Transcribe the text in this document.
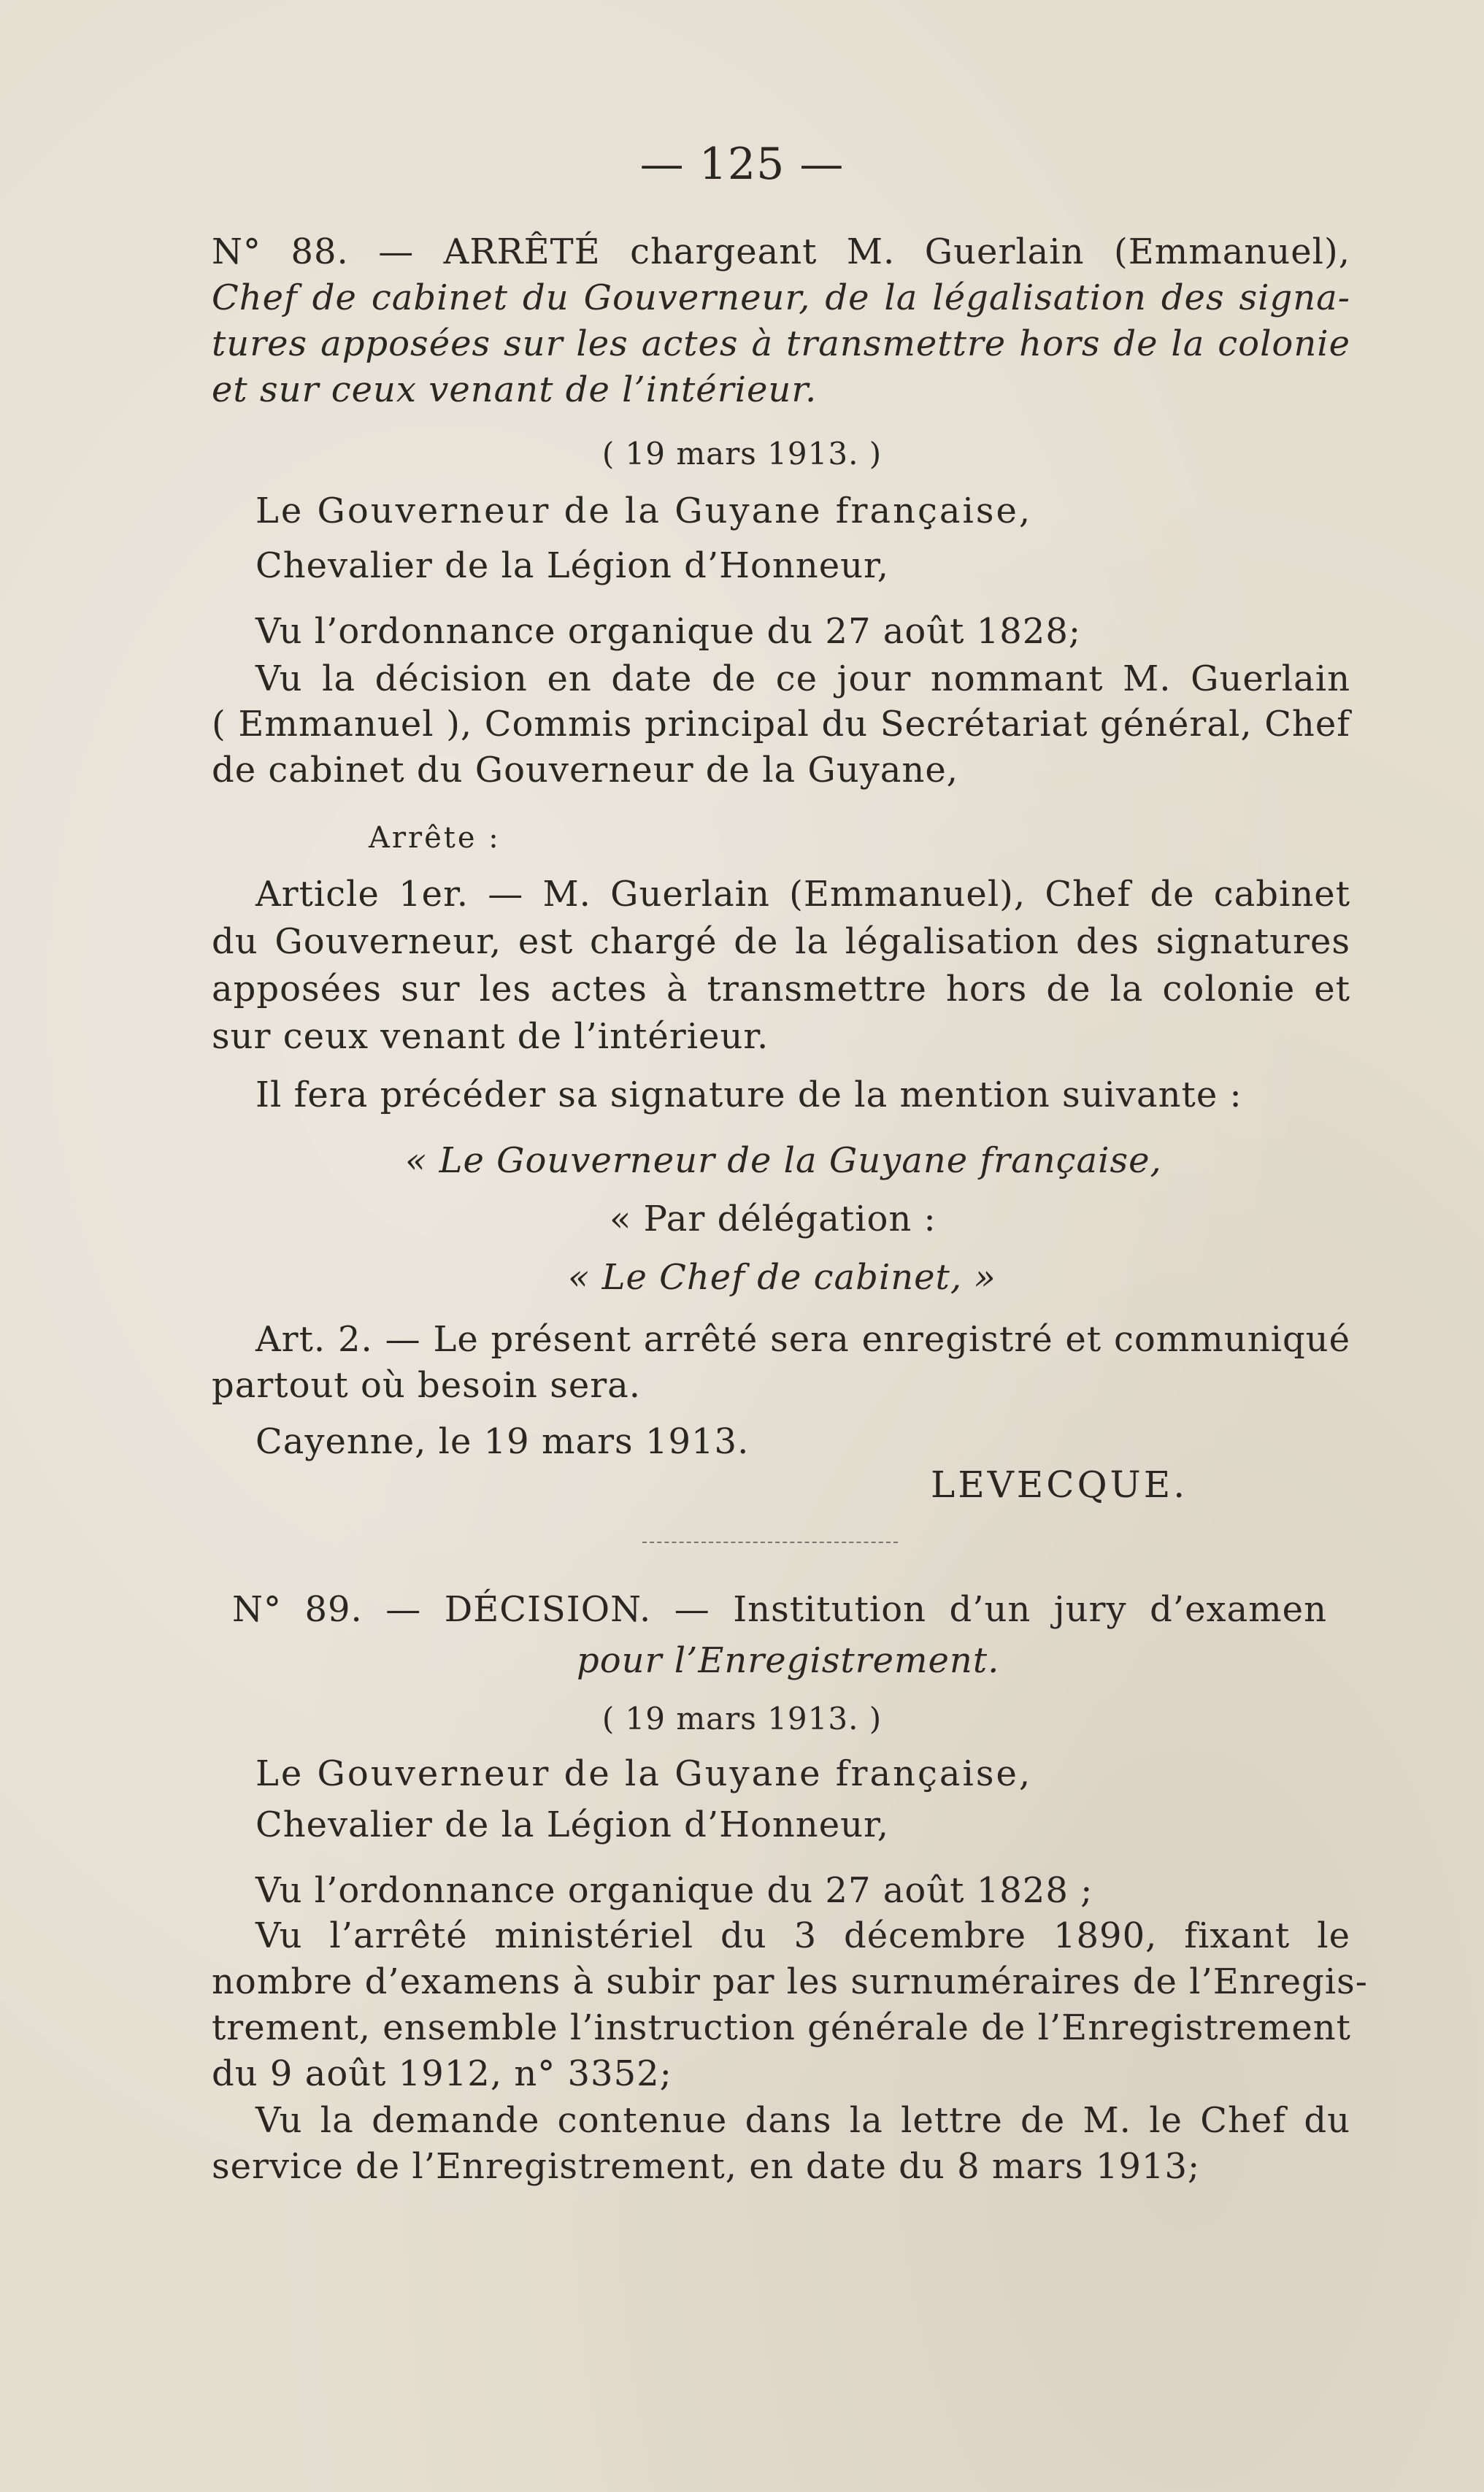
— 125 —
N° 88. — ARRÊTÉ chargeant M. Guerlain (Emmanuel),
Chef de cabinet du Gouverneur, de la légalisation des signa-
tures apposées sur les actes à transmettre hors de la colonie
et sur ceux venant de l’intérieur.
( 19 mars 1913. )
Le Gouverneur de la Guyane française,
Chevalier de la Légion d’Honneur,
Vu l’ordonnance organique du 27 août 1828;
Vu la décision en date de ce jour nommant M. Guerlain
( Emmanuel ), Commis principal du Secrétariat général, Chef
de cabinet du Gouverneur de la Guyane,
Arrête :
Article 1er. — M. Guerlain (Emmanuel), Chef de cabinet
du Gouverneur, est chargé de la légalisation des signatures
apposées sur les actes à transmettre hors de la colonie et
sur ceux venant de l’intérieur.
Il fera précéder sa signature de la mention suivante :
« Le Gouverneur de la Guyane française,
« Par délégation :
« Le Chef de cabinet, »
Art. 2. — Le présent arrêté sera enregistré et communiqué
partout où besoin sera.
Cayenne, le 19 mars 1913.
LEVECQUE.
N° 89. — DÉCISION. — Institution d’un jury d’examen
pour l’Enregistrement.
( 19 mars 1913. )
Le Gouverneur de la Guyane française,
Chevalier de la Légion d’Honneur,
Vu l’ordonnance organique du 27 août 1828 ;
Vu l’arrêté ministériel du 3 décembre 1890, fixant le
nombre d’examens à subir par les surnuméraires de l’Enregis-
trement, ensemble l’instruction générale de l’Enregistrement
du 9 août 1912, n° 3352;
Vu la demande contenue dans la lettre de M. le Chef du
service de l’Enregistrement, en date du 8 mars 1913;
